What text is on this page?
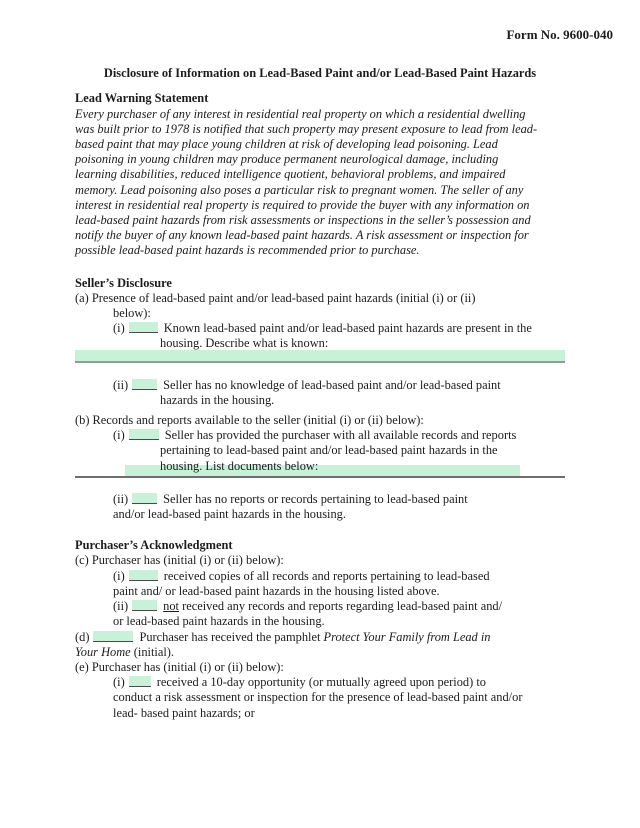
Form No. 9600-040
Disclosure of Information on Lead-Based Paint and/or Lead-Based Paint Hazards
Lead Warning Statement
Every purchaser of any interest in residential real property on which a residential dwelling
was built prior to 1978 is notified that such property may present exposure to lead from lead-
based paint that may place young children at risk of developing lead poisoning. Lead
poisoning in young children may produce permanent neurological damage, including
learning disabilities, reduced intelligence quotient, behavioral problems, and impaired
memory. Lead poisoning also poses a particular risk to pregnant women. The seller of any
interest in residential real property is required to provide the buyer with any information on
lead-based paint hazards from risk assessments or inspections in the seller’s possession and
notify the buyer of any known lead-based paint hazards. A risk assessment or inspection for
possible lead-based paint hazards is recommended prior to purchase.
Seller’s Disclosure
(a) Presence of lead-based paint and/or lead-based paint hazards (initial (i) or (ii)
below):
(i)	Known lead-based paint and/or lead-based paint hazards are present in the
housing. Describe what is known:
(ii)	Seller has no knowledge of lead-based paint and/or lead-based paint
hazards in the housing.
(b) Records and reports available to the seller (initial (i) or (ii) below):
(i)	Seller has provided the purchaser with all available records and reports
pertaining to lead-based paint and/or lead-based paint hazards in the
housing. List documents below:
(ii)	Seller has no reports or records pertaining to lead-based paint
and/or lead-based paint hazards in the housing.
Purchaser’s Acknowledgment
(c) Purchaser has (initial (i) or (ii) below):
(i)	received copies of all records and reports pertaining to lead-based
paint and/ or lead-based paint hazards in the housing listed above.
(ii)	not received any records and reports regarding lead-based paint and/
or lead-based paint hazards in the housing.
(d)	Purchaser has received the pamphlet Protect Your Family from Lead in
Your Home (initial).
(e) Purchaser has (initial (i) or (ii) below):
(i)	received a 10-day opportunity (or mutually agreed upon period) to
conduct a risk assessment or inspection for the presence of lead-based paint and/or
lead- based paint hazards; or
